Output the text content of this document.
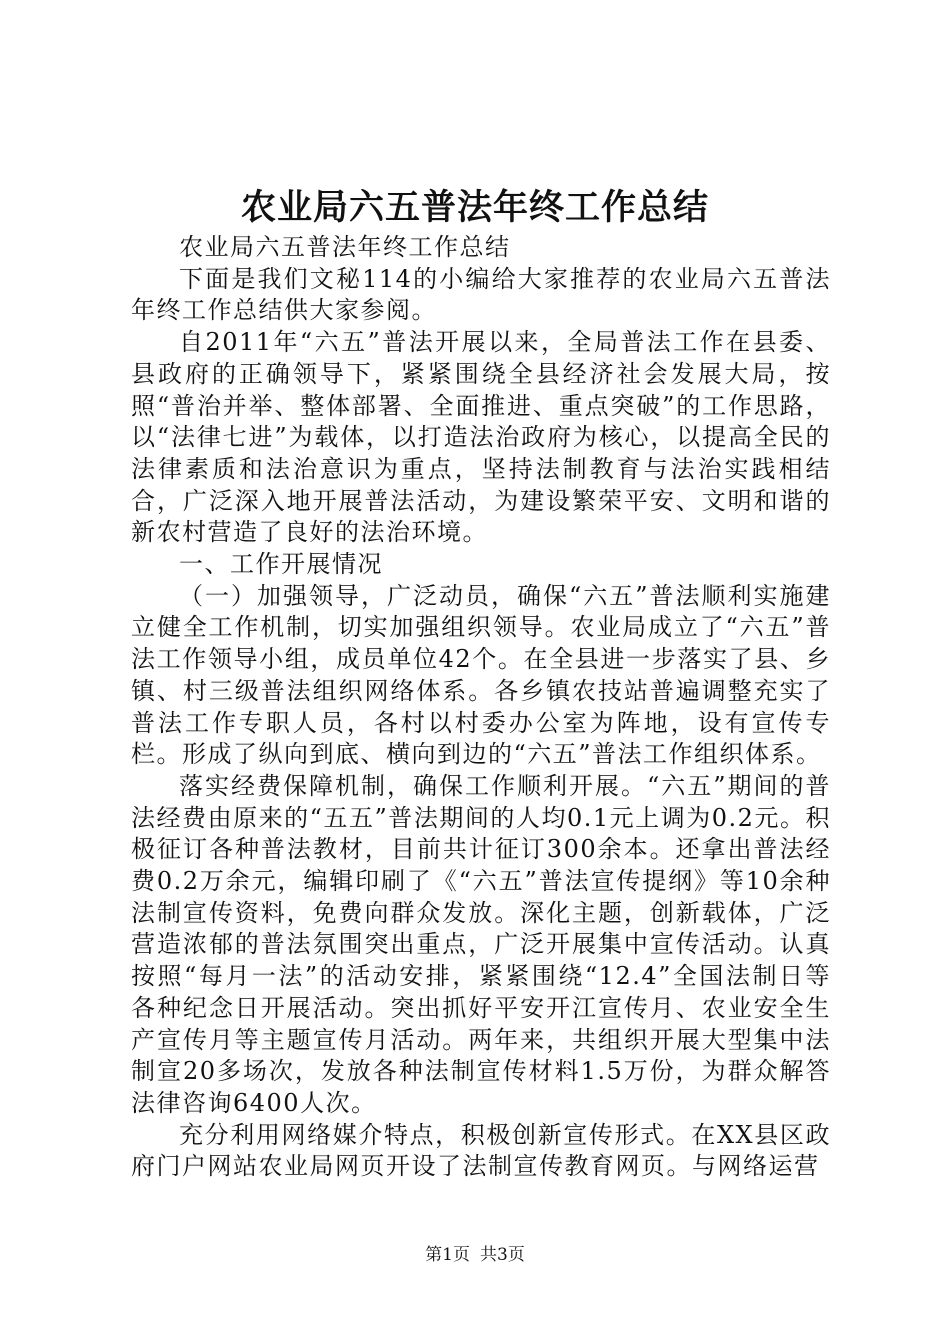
农业局六五普法年终工作总结

农业局六五普法年终工作总结

下面是我们文秘114的小编给大家推荐的农业局六五普法年终工作总结供大家参阅。

自2011年“六五”普法开展以来，全局普法工作在县委、县政府的正确领导下，紧紧围绕全县经济社会发展大局，按照“普治并举、整体部署、全面推进、重点突破”的工作思路，以“法律七进”为载体，以打造法治政府为核心，以提高全民的法律素质和法治意识为重点，坚持法制教育与法治实践相结合，广泛深入地开展普法活动，为建设繁荣平安、文明和谐的新农村营造了良好的法治环境。

一、工作开展情况

（一）加强领导，广泛动员，确保“六五”普法顺利实施建立健全工作机制，切实加强组织领导。农业局成立了“六五”普法工作领导小组，成员单位42个。在全县进一步落实了县、乡镇、村三级普法组织网络体系。各乡镇农技站普遍调整充实了普法工作专职人员，各村以村委办公室为阵地，设有宣传专栏。形成了纵向到底、横向到边的“六五”普法工作组织体系。

落实经费保障机制，确保工作顺利开展。“六五”期间的普法经费由原来的“五五”普法期间的人均0.1元上调为0.2元。积极征订各种普法教材，目前共计征订300余本。还拿出普法经费0.2万余元，编辑印刷了《“六五”普法宣传提纲》等10余种法制宣传资料，免费向群众发放。深化主题，创新载体，广泛营造浓郁的普法氛围突出重点，广泛开展集中宣传活动。认真按照“每月一法”的活动安排，紧紧围绕“12.4”全国法制日等各种纪念日开展活动。突出抓好平安开江宣传月、农业安全生产宣传月等主题宣传月活动。两年来，共组织开展大型集中法制宣20多场次，发放各种法制宣传材料1.5万份，为群众解答法律咨询6400人次。

充分利用网络媒介特点，积极创新宣传形式。在XX县区政府门户网站农业局网页开设了法制宣传教育网页。与网络运营

第1页 共3页
